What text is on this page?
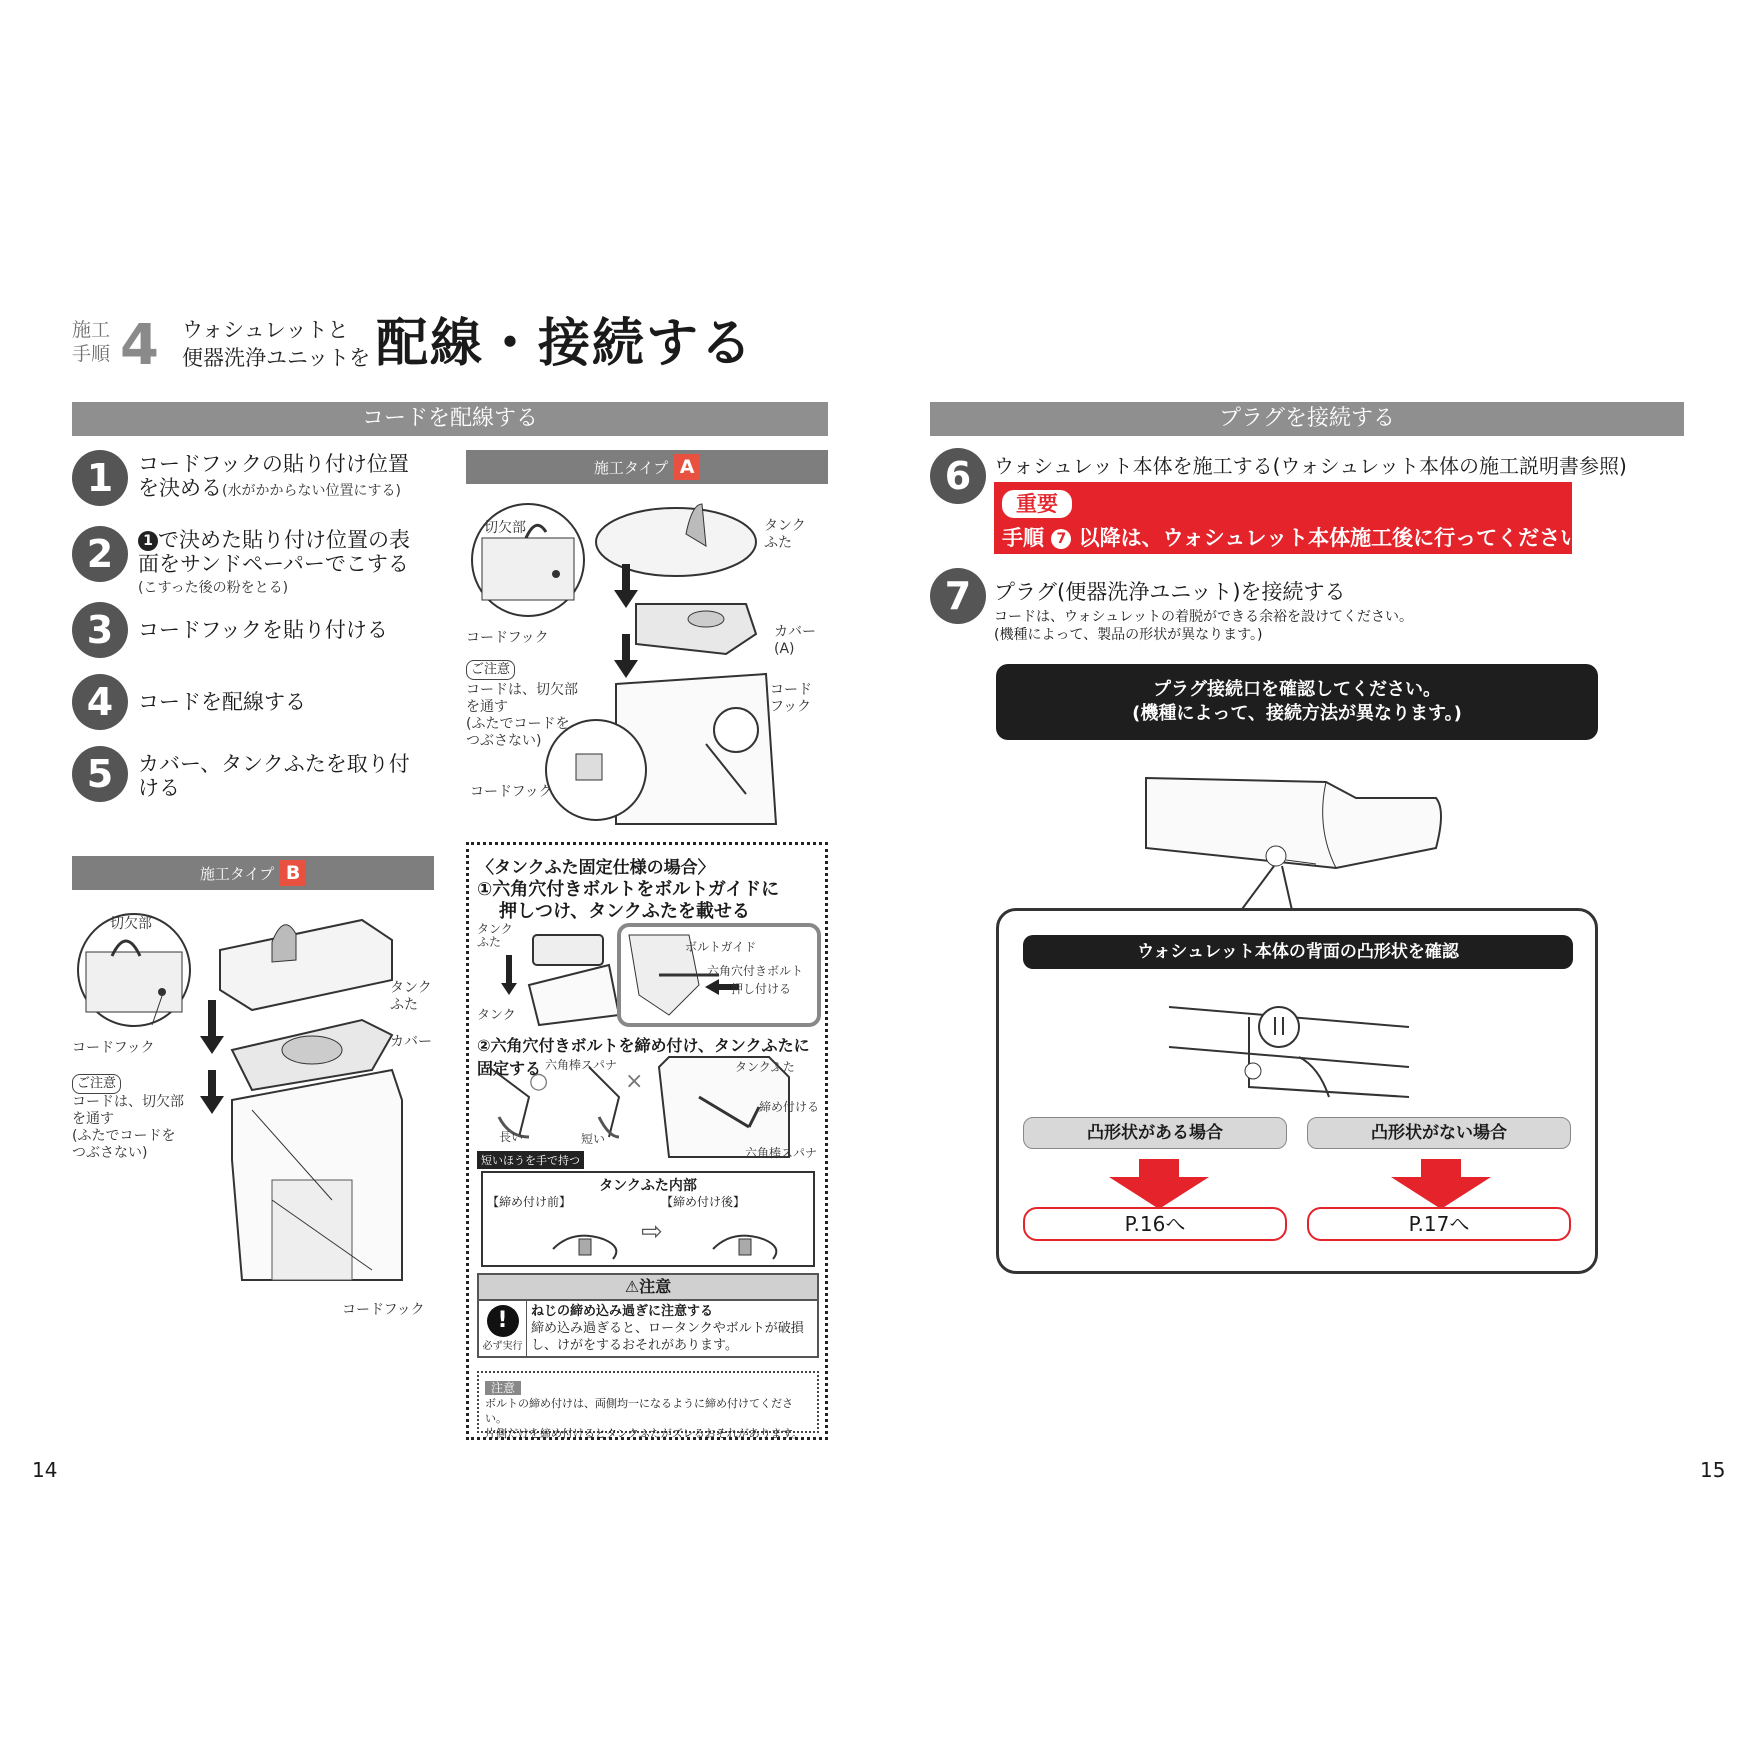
施工
手順 4 ウォシュレットと
便器洗浄ユニットを 配線・接続する
コードを配線する
1	コードフックの貼り付け位置
を決める(水がかからない位置にする)
2	1 で決めた貼り付け位置の表
面をサンドペーパーでこする
(こすった後の粉をとる)
3	コードフックを貼り付ける
4	コードを配線する
5	カバー、タンクふたを取り付
ける
施工タイプ B
切欠部
コードフック
ご注意
コードは、切欠部
を通す
(ふたでコードを
つぶさない)
タンク
ふた
カバー
コードフック
施工タイプ A
切欠部
コードフック
ご注意
コードは、切欠部
を通す
(ふたでコードを
つぶさない)
コードフック
タンク
ふた
カバー
(A)
コード
フック
〈タンクふた固定仕様の場合〉
①六角穴付きボルトをボルトガイドに
押しつけ、タンクふたを載せる
タンク
ふた
タンク
ボルトガイド
六角穴付きボルト
押し付ける
②六角穴付きボルトを締め付け、タンクふたに固定する
○	×
六角棒スパナ
長い	短い
短いほうを手で持つ
タンクふた
締め付ける
六角棒スパナ
タンクふた内部
【締め付け前】	【締め付け後】
⇨
⚠注意
!
必ず実行
ねじの締め込み過ぎに注意する
締め込み過ぎると、ロータンクやボルトが破損
し、けがをするおそれがあります。
注意
ボルトの締め付けは、両側均一になるように締め付けてください。
片側だけを締め付けるとタンクふたがズレるおそれがあります。
14
プラグを接続する
6	ウォシュレット本体を施工する(ウォシュレット本体の施工説明書参照)
重要
手順 7 以降は、ウォシュレット本体施工後に行ってください。
7	プラグ(便器洗浄ユニット)を接続する
コードは、ウォシュレットの着脱ができる余裕を設けてください。
(機種によって、製品の形状が異なります。)
プラグ接続口を確認してください。
(機種によって、接続方法が異なります。)
ウォシュレット本体の背面の凸形状を確認
凸形状がある場合	凸形状がない場合
P.16へ	P.17へ
15
